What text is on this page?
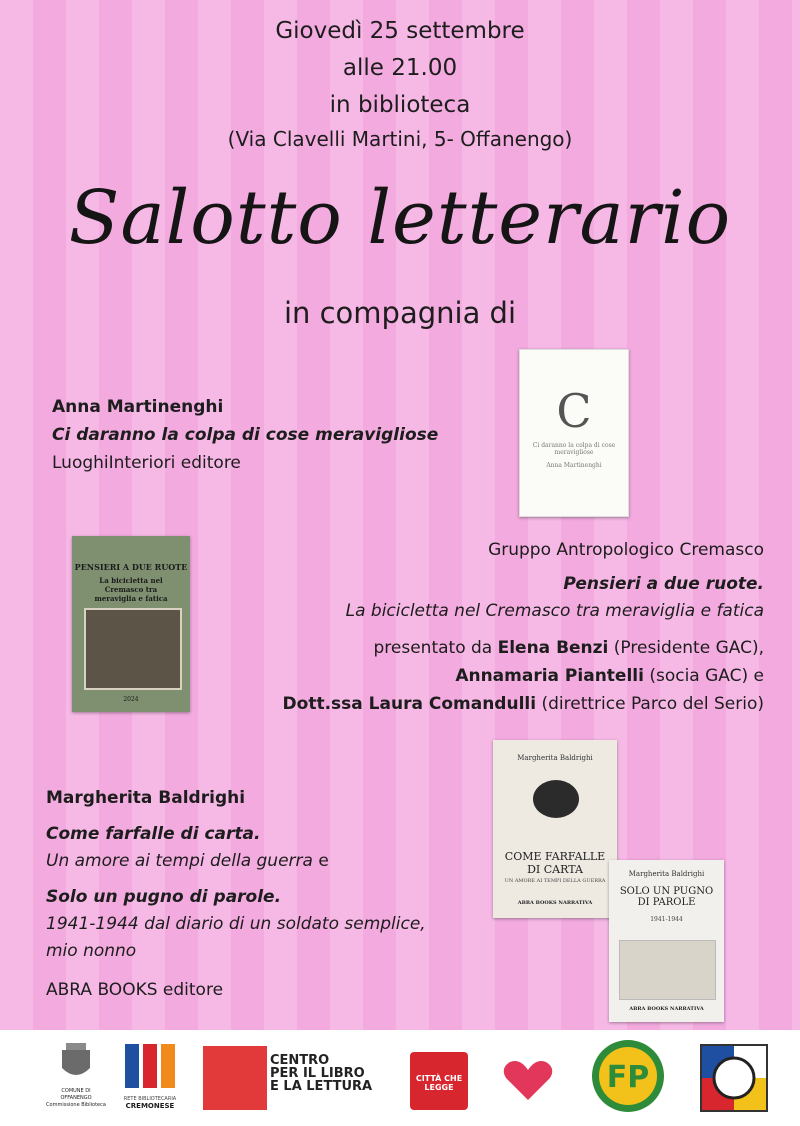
Giovedì 25 settembre
alle 21.00
in biblioteca
(Via Clavelli Martini, 5- Offanengo)
Salotto letterario
in compagnia di
Anna Martinenghi
Ci daranno la colpa di cose meravigliose
LuoghiInteriori editore
C
Ci daranno la colpa di cose meravigliose
Anna Martinenghi
PENSIERI A DUE RUOTE
La bicicletta nel Cremasco tra meraviglia e fatica
2024
Gruppo Antropologico Cremasco
Pensieri a due ruote.
La bicicletta nel Cremasco tra meraviglia e fatica
presentato da Elena Benzi (Presidente GAC),
Annamaria Piantelli (socia GAC) e
Dott.ssa Laura Comandulli (direttrice Parco del Serio)
Margherita Baldrighi
Come farfalle di carta.
Un amore ai tempi della guerra e
Solo un pugno di parole.
1941-1944 dal diario di un soldato semplice,
mio nonno
ABRA BOOKS editore
Margherita Baldrighi
COME FARFALLE DI CARTA
UN AMORE AI TEMPI DELLA GUERRA
ABRA BOOKS NARRATIVA
Margherita Baldrighi
SOLO UN PUGNO DI PAROLE
1941-1944
ABRA BOOKS NARRATIVA
COMUNE DI OFFANENGO
Commissione Biblioteca
RETE BIBLIOTECARIA
CREMONESE
CENTRO
PER IL LIBRO
E LA LETTURA
CITTÀ CHE LEGGE	FP
